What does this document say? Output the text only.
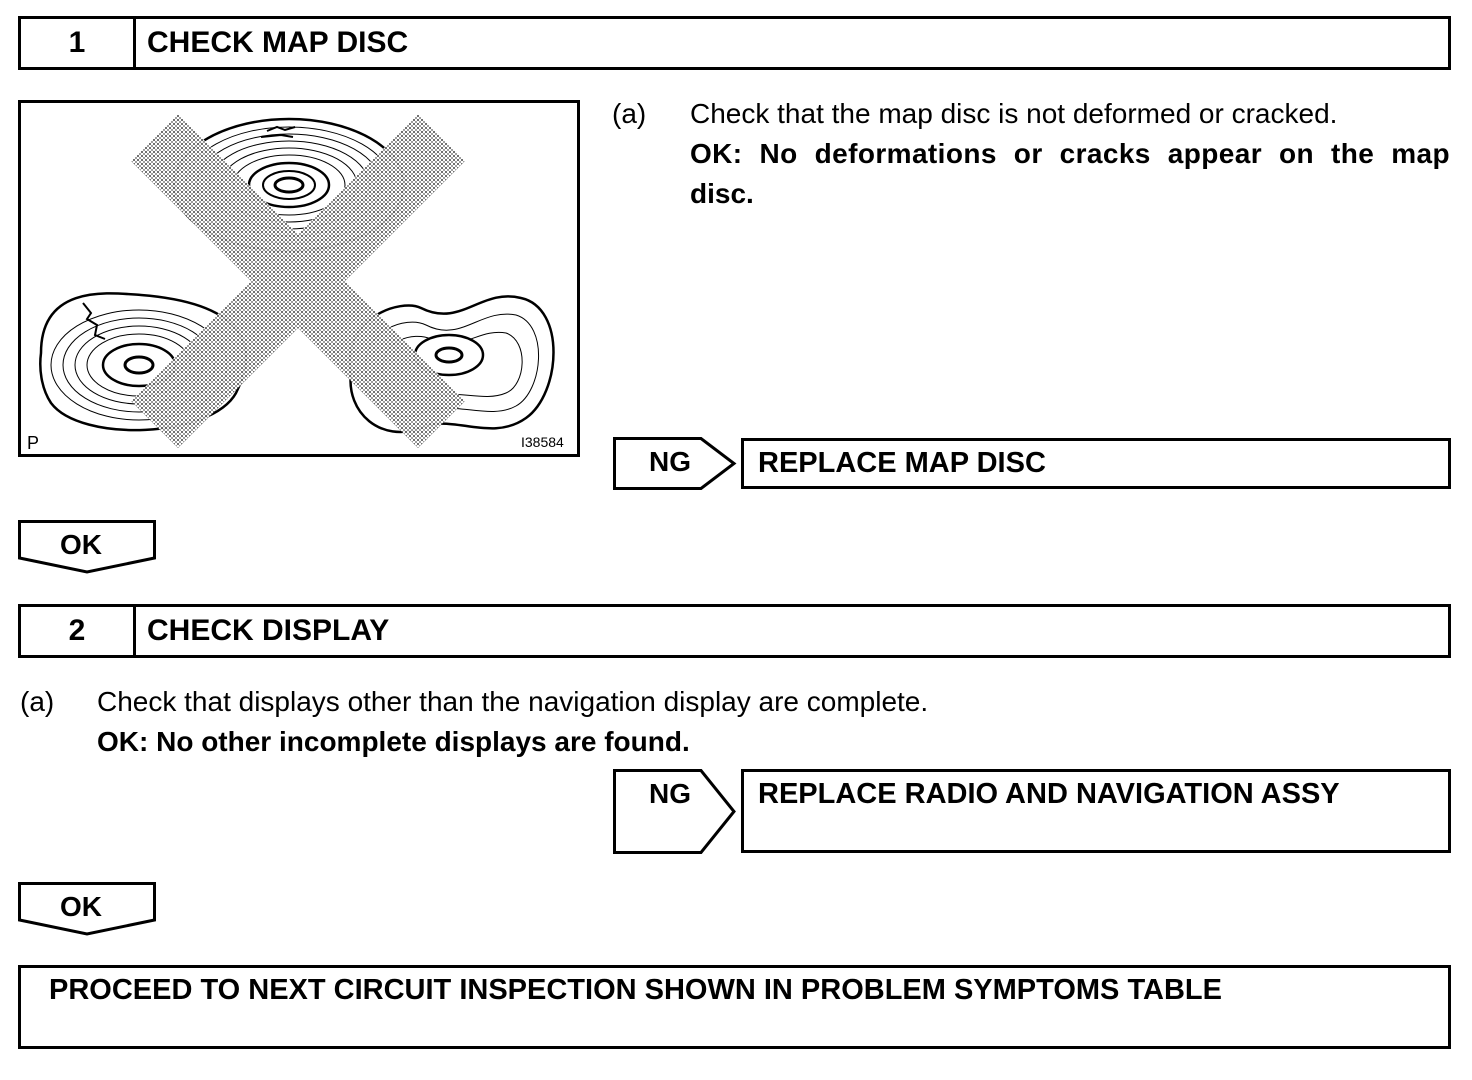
1	CHECK MAP DISC
P	I38584
(a) Check that the map disc is not deformed or cracked.
OK: No deformations or cracks appear on the map
disc.
NG	REPLACE MAP DISC
OK
2	CHECK DISPLAY
(a) Check that displays other than the navigation display are complete.
OK: No other incomplete displays are found.
NG	REPLACE RADIO AND NAVIGATION ASSY
OK
PROCEED TO NEXT CIRCUIT INSPECTION SHOWN IN PROBLEM SYMPTOMS TABLE
